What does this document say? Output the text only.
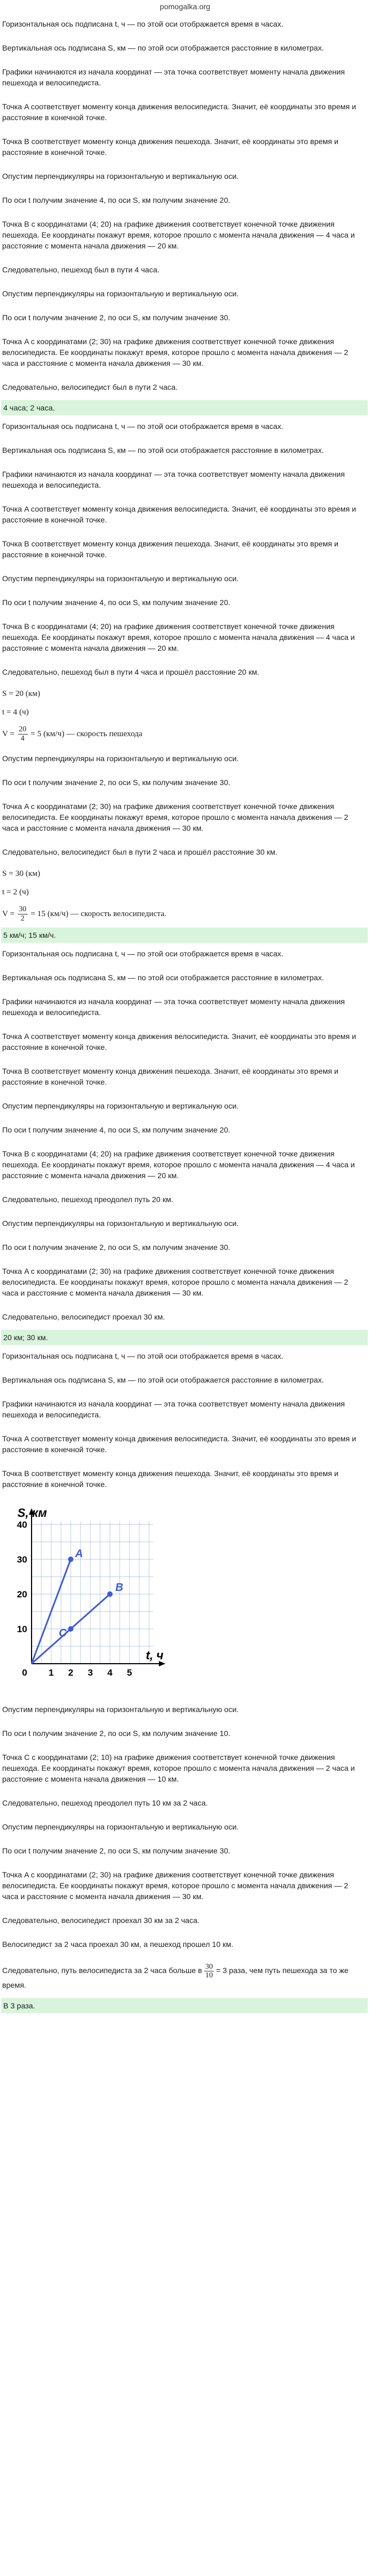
pomogalka.org

Горизонтальная ось подписана t, ч — по этой оси отображается время в часах.

Вертикальная ось подписана S, км — по этой оси отображается расстояние в километрах.

Графики начинаются из начала координат — эта точка соответствует моменту начала движения пешехода и велосипедиста.

Точка A соответствует моменту конца движения велосипедиста. Значит, её координаты это время и расстояние в конечной точке.

Точка B соответствует моменту конца движения пешехода. Значит, её координаты это время и расстояние в конечной точке.

Опустим перпендикуляры на горизонтальную и вертикальную оси.

По оси t получим значение 4, по оси S, км получим значение 20.

Точка B с координатами (4; 20) на графике движения соответствует конечной точке движения пешехода. Ее координаты покажут время, которое прошло с момента начала движения — 4 часа и расстояние с момента начала движения — 20 км.

Следовательно, пешеход был в пути 4 часа.

Опустим перпендикуляры на горизонтальную и вертикальную оси.

По оси t получим значение 2, по оси S, км получим значение 30.

Точка A с координатами (2; 30) на графике движения соответствует конечной точке движения велосипедиста. Ее координаты покажут время, которое прошло с момента начала движения — 2 часа и расстояние с момента начала движения — 30 км.

Следовательно, велосипедист был в пути 2 часа.

4 часа; 2 часа.

Горизонтальная ось подписана t, ч — по этой оси отображается время в часах.

Вертикальная ось подписана S, км — по этой оси отображается расстояние в километрах.

Графики начинаются из начала координат — эта точка соответствует моменту начала движения пешехода и велосипедиста.

Точка A соответствует моменту конца движения велосипедиста. Значит, её координаты это время и расстояние в конечной точке.

Точка B соответствует моменту конца движения пешехода. Значит, её координаты это время и расстояние в конечной точке.

Опустим перпендикуляры на горизонтальную и вертикальную оси.

По оси t получим значение 4, по оси S, км получим значение 20.

Точка B с координатами (4; 20) на графике движения соответствует конечной точке движения пешехода. Ее координаты покажут время, которое прошло с момента начала движения — 4 часа и расстояние с момента начала движения — 20 км.

Следовательно, пешеход был в пути 4 часа и прошёл расстояние 20 км.

S = 20 (км)

t = 4 (ч)

$V = \frac{20}{4} = 5$ (км/ч) — скорость пешехода

Опустим перпендикуляры на горизонтальную и вертикальную оси.

По оси t получим значение 2, по оси S, км получим значение 30.

Точка A с координатами (2; 30) на графике движения соответствует конечной точке движения велосипедиста. Ее координаты покажут время, которое прошло с момента начала движения — 2 часа и расстояние с момента начала движения — 30 км.

Следовательно, велосипедист был в пути 2 часа и прошёл расстояние 30 км.

S = 30 (км)

t = 2 (ч)

$V = \frac{30}{2} = 15$ (км/ч) — скорость велосипедиста.

5 км/ч; 15 км/ч.

Горизонтальная ось подписана t, ч — по этой оси отображается время в часах.

Вертикальная ось подписана S, км — по этой оси отображается расстояние в километрах.

Графики начинаются из начала координат — эта точка соответствует моменту начала движения пешехода и велосипедиста.

Точка A соответствует моменту конца движения велосипедиста. Значит, её координаты это время и расстояние в конечной точке.

Точка B соответствует моменту конца движения пешехода. Значит, её координаты это время и расстояние в конечной точке.

Опустим перпендикуляры на горизонтальную и вертикальную оси.

По оси t получим значение 4, по оси S, км получим значение 20.

Точка B с координатами (4; 20) на графике движения соответствует конечной точке движения пешехода. Ее координаты покажут время, которое прошло с момента начала движения — 4 часа и расстояние с момента начала движения — 20 км.

Следовательно, пешеход преодолел путь 20 км.

Опустим перпендикуляры на горизонтальную и вертикальную оси.

По оси t получим значение 2, по оси S, км получим значение 30.

Точка A с координатами (2; 30) на графике движения соответствует конечной точке движения велосипедиста. Ее координаты покажут время, которое прошло с момента начала движения — 2 часа и расстояние с момента начала движения — 30 км.

Следовательно, велосипедист проехал 30 км.

20 км; 30 км.

Горизонтальная ось подписана t, ч — по этой оси отображается время в часах.

Вертикальная ось подписана S, км — по этой оси отображается расстояние в километрах.

Графики начинаются из начала координат — эта точка соответствует моменту начала движения пешехода и велосипедиста.

Точка A соответствует моменту конца движения велосипедиста. Значит, её координаты это время и расстояние в конечной точке.

Точка B соответствует моменту конца движения пешехода. Значит, её координаты это время и расстояние в конечной точке.

10
20
30
40
1 2 3 4 5
0
S, км
t, ч
A
B
C

Опустим перпендикуляры на горизонтальную и вертикальную оси.

По оси t получим значение 2, по оси S, км получим значение 10.

Точка C с координатами (2; 10) на графике движения соответствует конечной точке движения пешехода. Ее координаты покажут время, которое прошло с момента начала движения — 2 часа и расстояние с момента начала движения — 10 км.

Следовательно, пешеход преодолел путь 10 км за 2 часа.

Опустим перпендикуляры на горизонтальную и вертикальную оси.

По оси t получим значение 2, по оси S, км получим значение 30.

Точка A с координатами (2; 30) на графике движения соответствует конечной точке движения велосипедиста. Ее координаты покажут время, которое прошло с момента начала движения — 2 часа и расстояние с момента начала движения — 30 км.

Следовательно, велосипедист проехал 30 км за 2 часа.

Велосипедист за 2 часа проехал 30 км, а пешеход прошел 10 км.

Следовательно, путь велосипедиста за 2 часа больше в $\frac{30}{10} = 3$ раза, чем путь пешехода за то же время.

В 3 раза.
